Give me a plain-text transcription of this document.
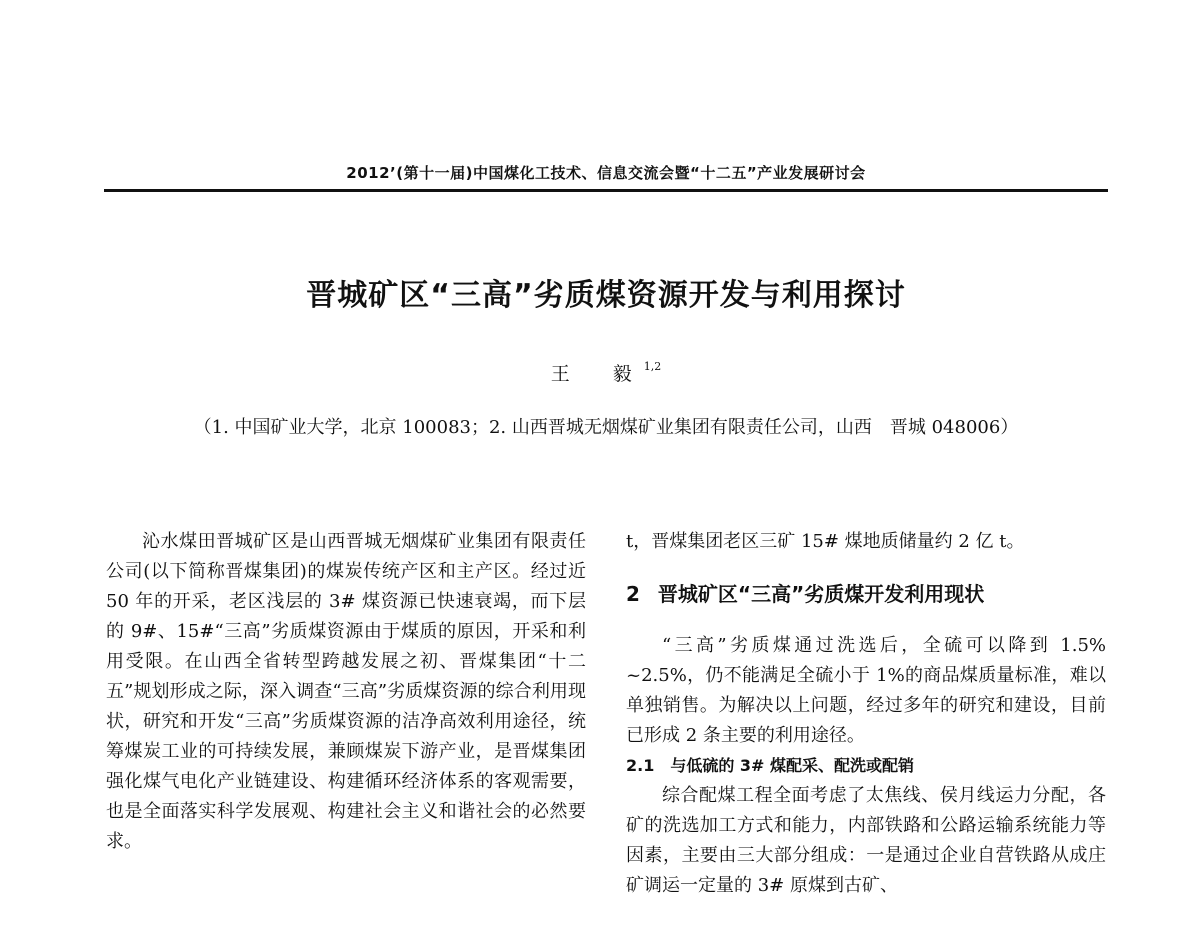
2012’(第十一届)中国煤化工技术、信息交流会暨“十二五”产业发展研讨会
晋城矿区“三高”劣质煤资源开发与利用探讨
王　毅$^{1,2}$
（1. 中国矿业大学，北京 100083；2. 山西晋城无烟煤矿业集团有限责任公司，山西　晋城 048006）

沁水煤田晋城矿区是山西晋城无烟煤矿业集团有限责任公司(以下简称晋煤集团)的煤炭传统产区和主产区。经过近 50 年的开采，老区浅层的 3# 煤资源已快速衰竭，而下层的 9#、15#“三高”劣质煤资源由于煤质的原因，开采和利用受限。在山西全省转型跨越发展之初、晋煤集团“十二五”规划形成之际，深入调查“三高”劣质煤资源的综合利用现状，研究和开发“三高”劣质煤资源的洁净高效利用途径，统筹煤炭工业的可持续发展，兼顾煤炭下游产业，是晋煤集团强化煤气电化产业链建设、构建循环经济体系的客观需要，也是全面落实科学发展观、构建社会主义和谐社会的必然要求。

t，晋煤集团老区三矿 15# 煤地质储量约 2 亿 t。

2 晋城矿区“三高”劣质煤开发利用现状

“三高”劣质煤通过洗选后，全硫可以降到 1.5% ~2.5%，仍不能满足全硫小于 1%的商品煤质量标准，难以单独销售。为解决以上问题，经过多年的研究和建设，目前已形成 2 条主要的利用途径。

2.1　与低硫的 3# 煤配采、配洗或配销

综合配煤工程全面考虑了太焦线、侯月线运力分配，各矿的洗选加工方式和能力，内部铁路和公路运输系统能力等因素，主要由三大部分组成：一是通过企业自营铁路从成庄矿调运一定量的 3# 原煤到古矿、
